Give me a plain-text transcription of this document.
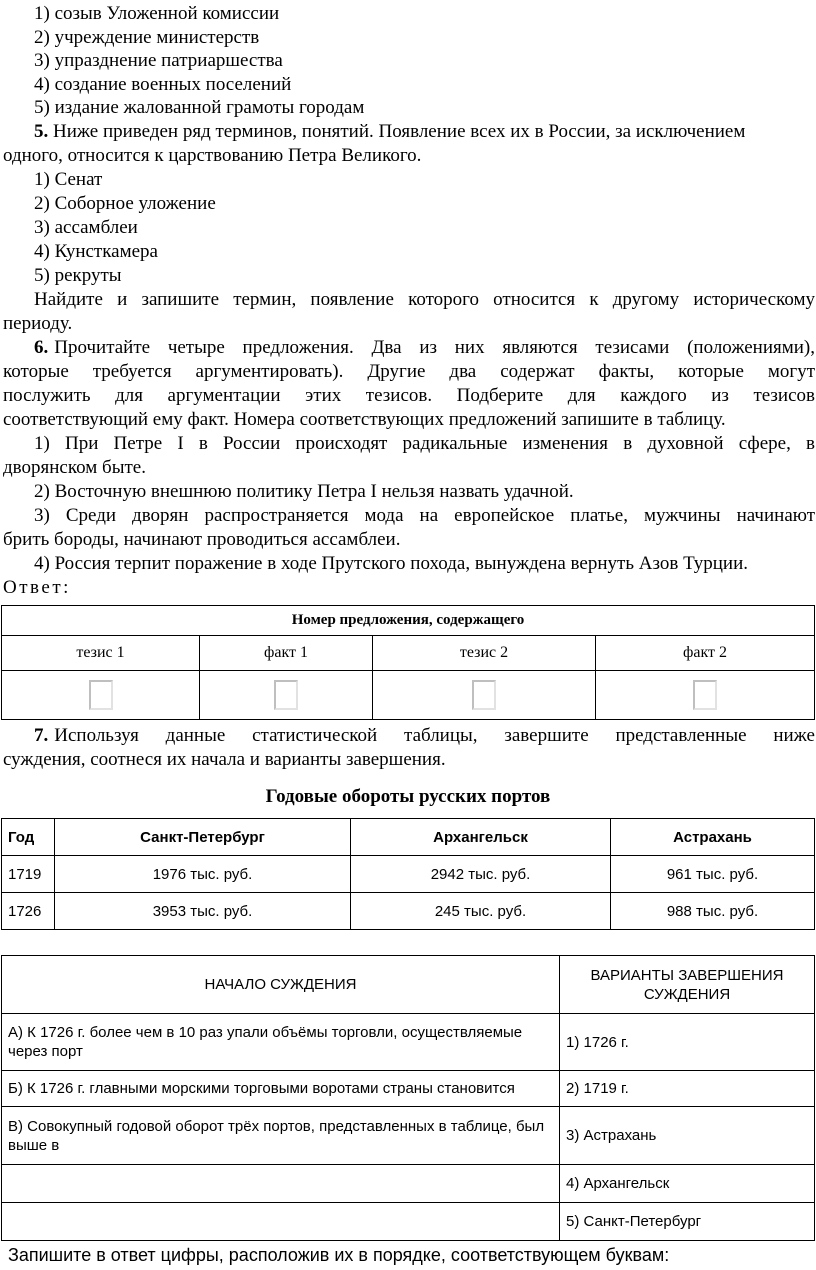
1) созыв Уложенной комиссии
2) учреждение министерств
3) упразднение патриаршества
4) создание военных поселений
5) издание жалованной грамоты городам
5. Ниже приведен ряд терминов, понятий. Появление всех их в России, за исключением
одного, относится к царствованию Петра Великого.
1) Сенат
2) Соборное уложение
3) ассамблеи
4) Кунсткамера
5) рекруты
Найдите и запишите термин, появление которого относится к другому историческому
периоду.
6. Прочитайте четыре предложения. Два из них являются тезисами (положениями),
которые требуется аргументировать). Другие два содержат факты, которые могут
послужить для аргументации этих тезисов. Подберите для каждого из тезисов
соответствующий ему факт. Номера соответствующих предложений запишите в таблицу.
1) При Петре I в России происходят радикальные изменения в духовной сфере, в
дворянском быте.
2) Восточную внешнюю политику Петра I нельзя назвать удачной.
3) Среди дворян распространяется мода на европейское платье, мужчины начинают
брить бороды, начинают проводиться ассамблеи.
4) Россия терпит поражение в ходе Прутского похода, вынуждена вернуть Азов Турции.
Ответ:
Номер предложения, содержащего			
тезис 1	факт 1	тезис 2	факт 2

7. Используя данные статистической таблицы, завершите представленные ниже
суждения, соотнеся их начала и варианты завершения.
Годовые обороты русских портов
Год	Санкт-Петербург	Архангельск	Астрахань
1719	1976 тыс. руб.	2942 тыс. руб.	961 тыс. руб.
1726	3953 тыс. руб.	245 тыс. руб.	988 тыс. руб.
НАЧАЛО СУЖДЕНИЯ	ВАРИАНТЫ ЗАВЕРШЕНИЯ СУЖДЕНИЯ
А) К 1726 г. более чем в 10 раз упали объёмы торговли, осуществляемые через порт	1) 1726 г.
Б) К 1726 г. главными морскими торговыми воротами страны становится	2) 1719 г.
В) Совокупный годовой оборот трёх портов, представленных в таблице, был выше в	3) Астрахань
	4) Архангельск
	5) Санкт-Петербург
Запишите в ответ цифры, расположив их в порядке, соответствующем буквам:
